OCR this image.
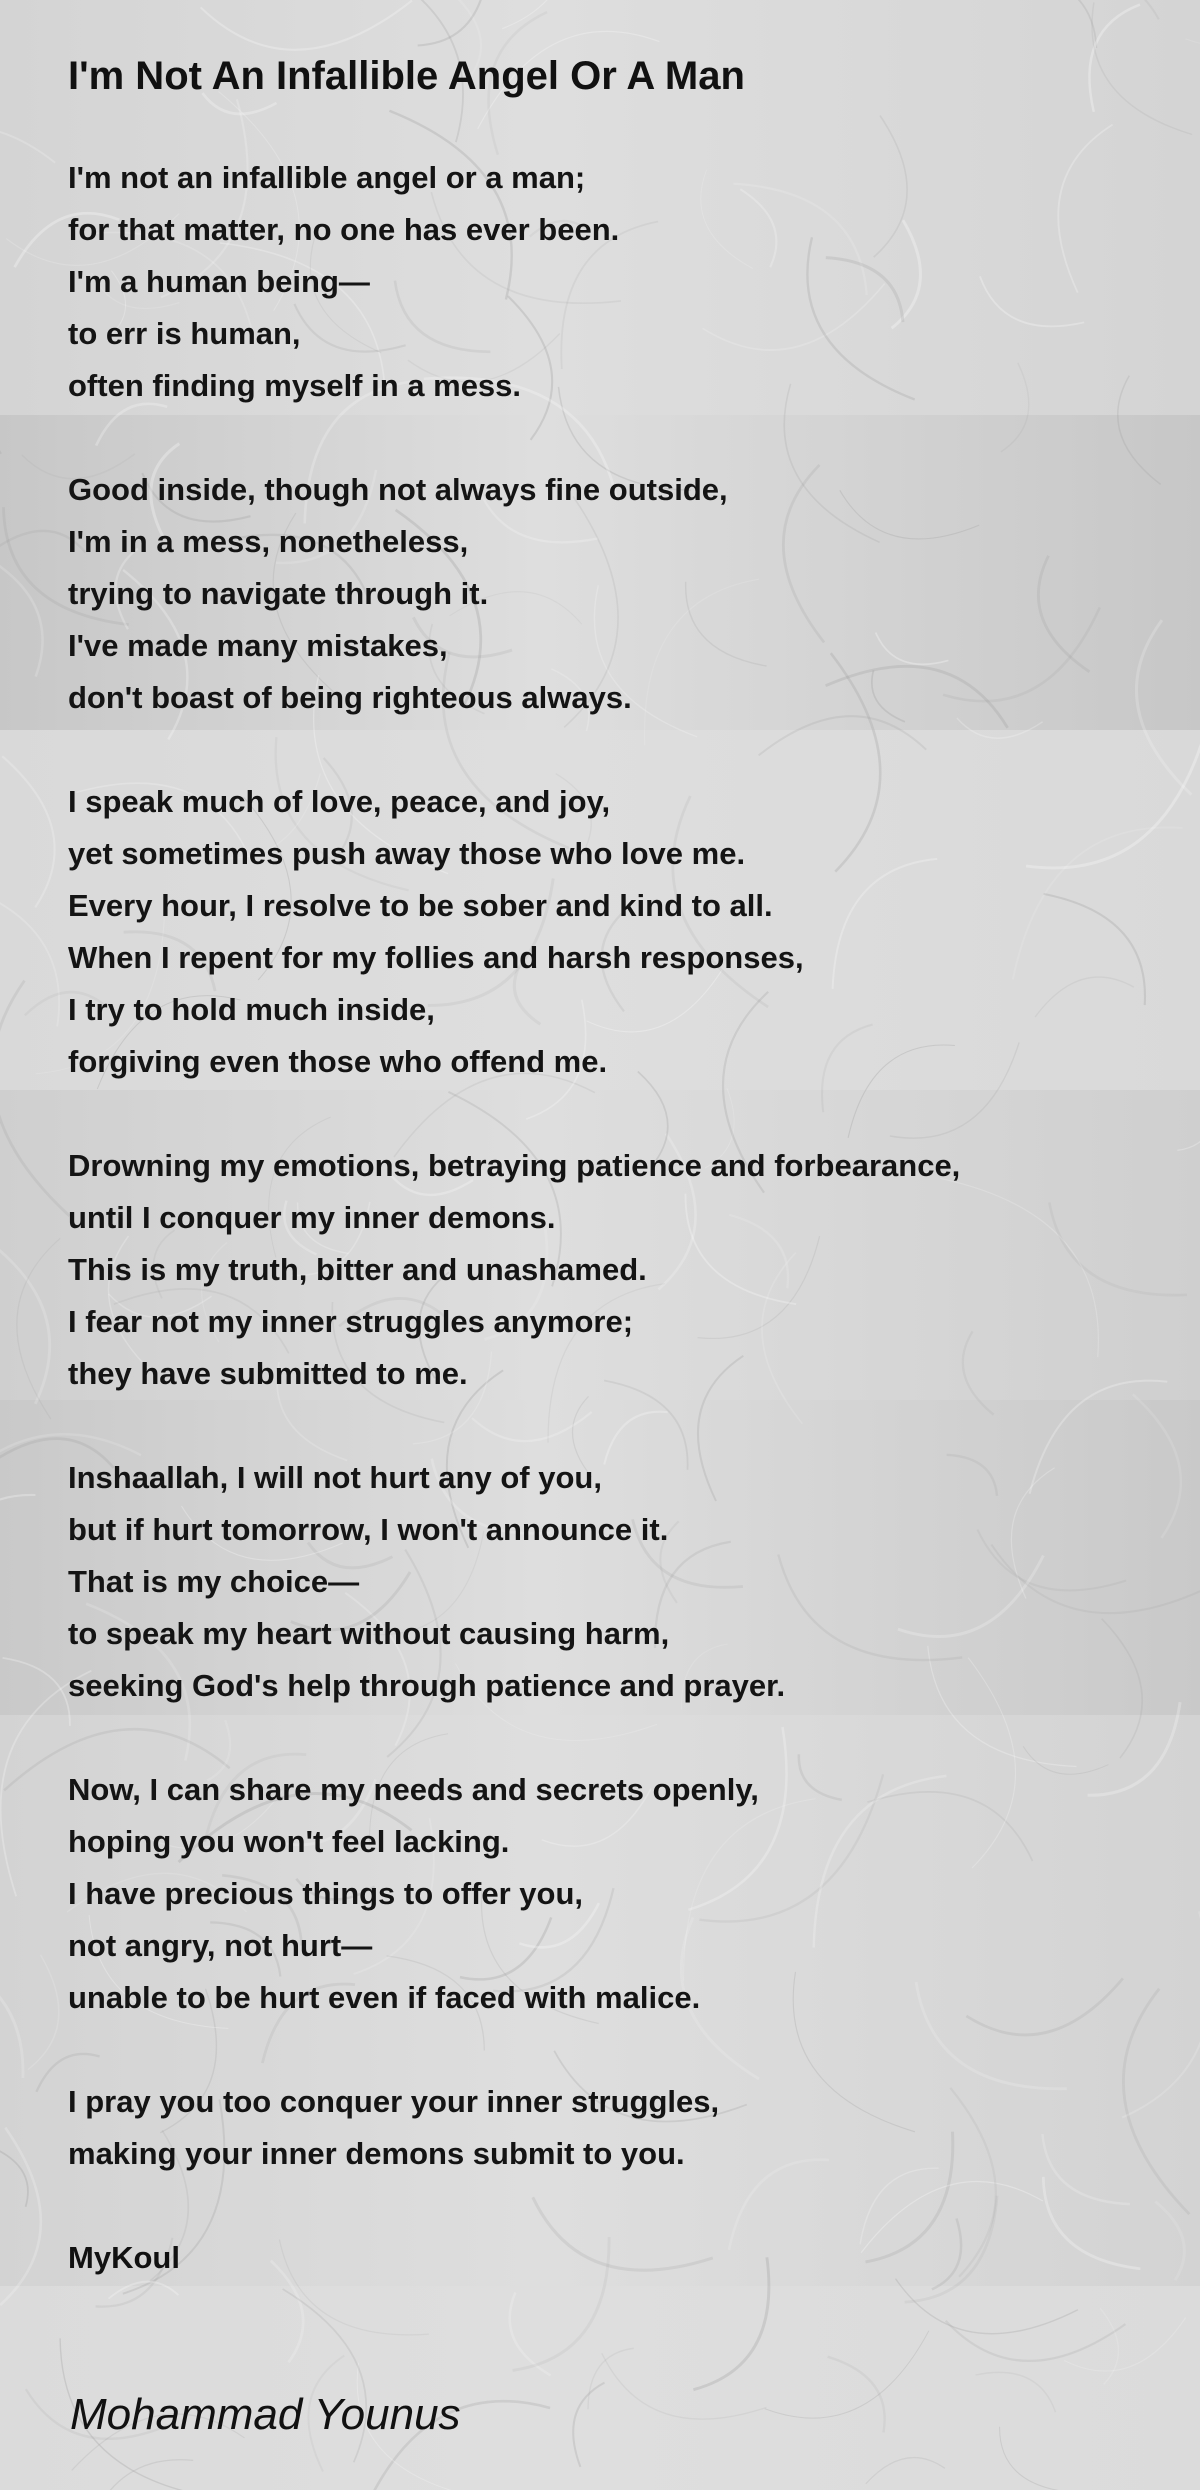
I'm Not An Infallible Angel Or A Man
I'm not an infallible angel or a man;
for that matter, no one has ever been.
I'm a human being—
to err is human,
often finding myself in a mess.
Good inside, though not always fine outside,
I'm in a mess, nonetheless,
trying to navigate through it.
I've made many mistakes,
don't boast of being righteous always.
I speak much of love, peace, and joy,
yet sometimes push away those who love me.
Every hour, I resolve to be sober and kind to all.
When I repent for my follies and harsh responses,
I try to hold much inside,
forgiving even those who offend me.
Drowning my emotions, betraying patience and forbearance,
until I conquer my inner demons.
This is my truth, bitter and unashamed.
I fear not my inner struggles anymore;
they have submitted to me.
Inshaallah, I will not hurt any of you,
but if hurt tomorrow, I won't announce it.
That is my choice—
to speak my heart without causing harm,
seeking God's help through patience and prayer.
Now, I can share my needs and secrets openly,
hoping you won't feel lacking.
I have precious things to offer you,
not angry, not hurt—
unable to be hurt even if faced with malice.
I pray you too conquer your inner struggles,
making your inner demons submit to you.
MyKoul
Mohammad Younus
